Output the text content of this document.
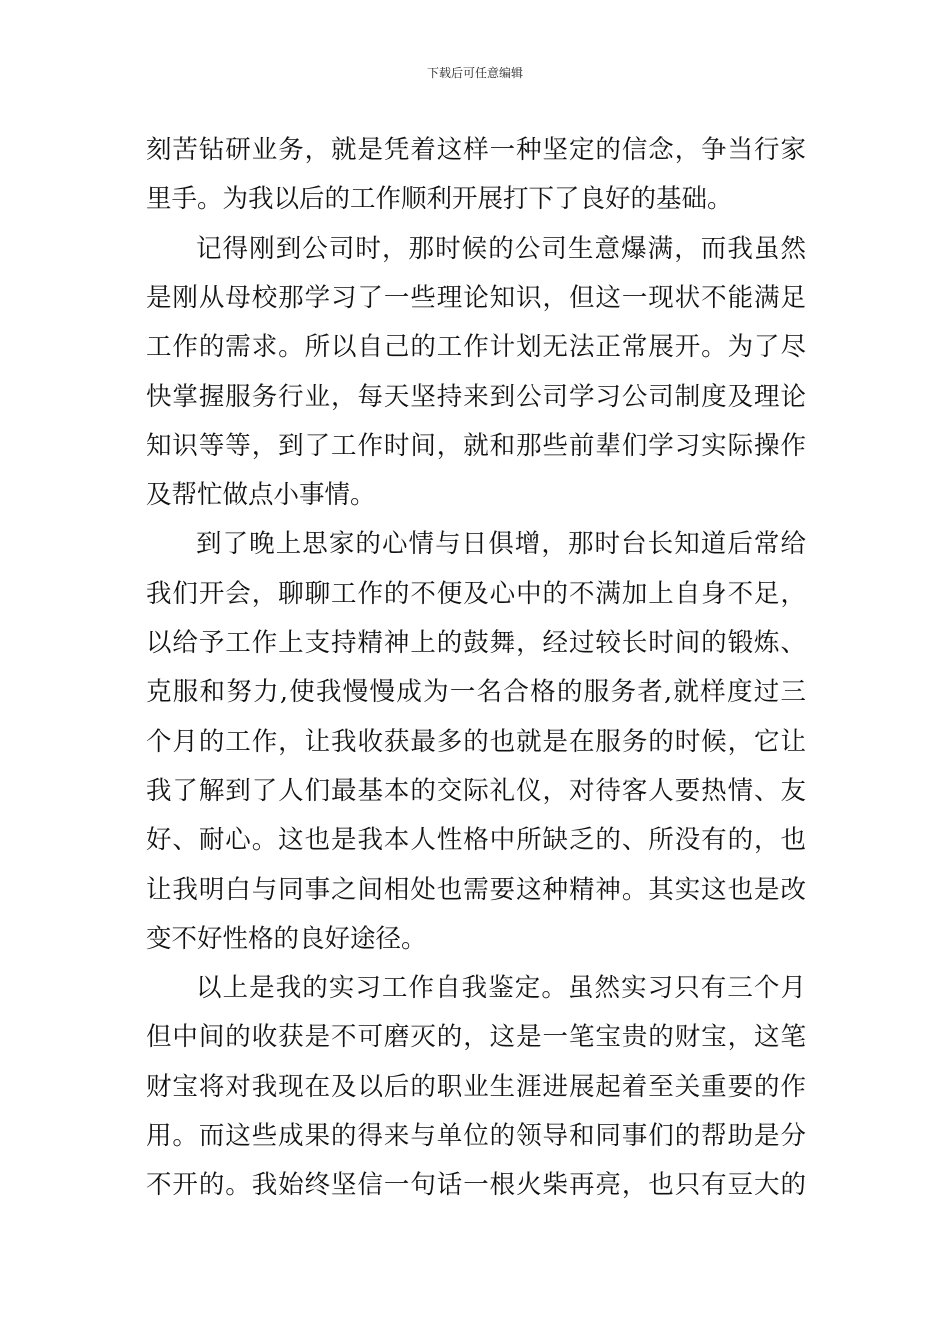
下载后可任意编辑
刻苦钻研业务，就是凭着这样一种坚定的信念，争当行家
里手。为我以后的工作顺利开展打下了良好的基础。
记得刚到公司时，那时候的公司生意爆满，而我虽然
是刚从母校那学习了一些理论知识，但这一现状不能满足
工作的需求。所以自己的工作计划无法正常展开。为了尽
快掌握服务行业，每天坚持来到公司学习公司制度及理论
知识等等，到了工作时间，就和那些前辈们学习实际操作
及帮忙做点小事情。
到了晚上思家的心情与日俱增，那时台长知道后常给
我们开会，聊聊工作的不便及心中的不满加上自身不足，
以给予工作上支持精神上的鼓舞，经过较长时间的锻炼、
克服和努力,使我慢慢成为一名合格的服务者,就样度过三
个月的工作，让我收获最多的也就是在服务的时候，它让
我了解到了人们最基本的交际礼仪，对待客人要热情、友
好、耐心。这也是我本人性格中所缺乏的、所没有的，也
让我明白与同事之间相处也需要这种精神。其实这也是改
变不好性格的良好途径。
以上是我的实习工作自我鉴定。虽然实习只有三个月
但中间的收获是不可磨灭的，这是一笔宝贵的财宝，这笔
财宝将对我现在及以后的职业生涯进展起着至关重要的作
用。而这些成果的得来与单位的领导和同事们的帮助是分
不开的。我始终坚信一句话一根火柴再亮，也只有豆大的
